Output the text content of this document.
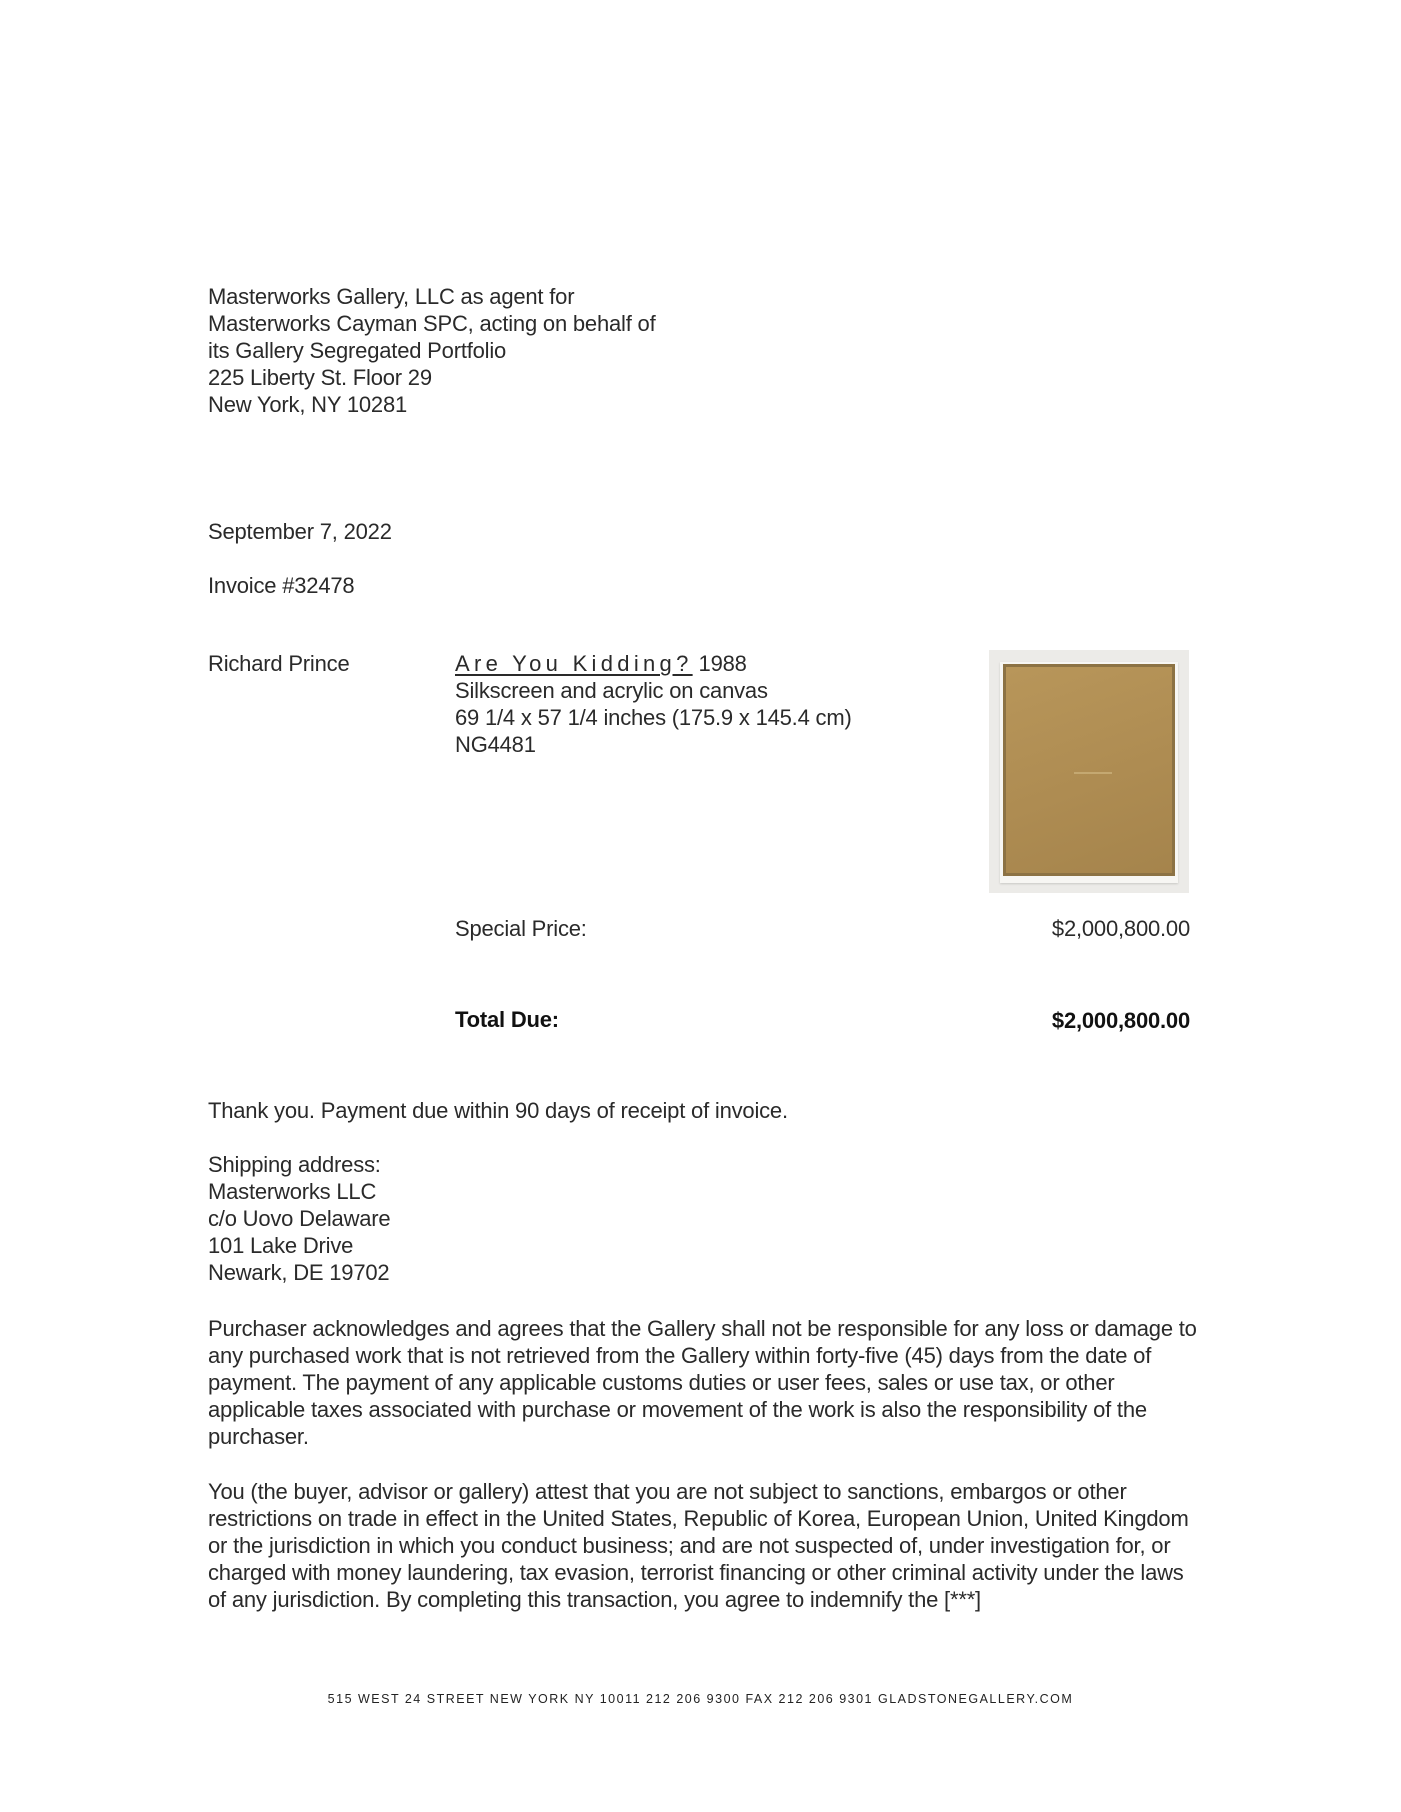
Masterworks Gallery, LLC as agent for
Masterworks Cayman SPC, acting on behalf of
its Gallery Segregated Portfolio
225 Liberty St. Floor 29
New York, NY 10281
September 7, 2022
Invoice #32478
Richard Prince	Are You Kidding? 1988
Silkscreen and acrylic on canvas
69 1/4 x 57 1/4 inches (175.9 x 145.4 cm)
NG4481
Special Price:	$2,000,800.00
Total Due:	$2,000,800.00
Thank you. Payment due within 90 days of receipt of invoice.
Shipping address:
Masterworks LLC
c/o Uovo Delaware
101 Lake Drive
Newark, DE 19702
Purchaser acknowledges and agrees that the Gallery shall not be responsible for any loss or damage to any purchased work that is not retrieved from the Gallery within forty-five (45) days from the date of payment. The payment of any applicable customs duties or user fees, sales or use tax, or other applicable taxes associated with purchase or movement of the work is also the responsibility of the purchaser.
You (the buyer, advisor or gallery) attest that you are not subject to sanctions, embargos or other restrictions on trade in effect in the United States, Republic of Korea, European Union, United Kingdom or the jurisdiction in which you conduct business; and are not suspected of, under investigation for, or charged with money laundering, tax evasion, terrorist financing or other criminal activity under the laws of any jurisdiction. By completing this transaction, you agree to indemnify the [***]
515 WEST 24 STREET NEW YORK NY 10011 212 206 9300 FAX 212 206 9301 GLADSTONEGALLERY.COM
